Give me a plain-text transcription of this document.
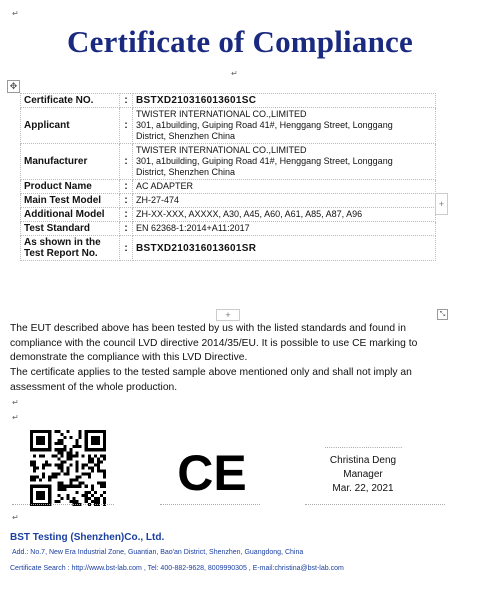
↵
Certificate of Compliance
↵
✥
Certificate NO.	:	BSTXD210316013601SC

Applicant	:	TWISTER INTERNATIONAL CO.,LIMITED
301, a1building, Guiping Road 41#, Henggang Street, Longgang
District, Shenzhen China

Manufacturer	:	TWISTER INTERNATIONAL CO.,LIMITED
301, a1building, Guiping Road 41#, Henggang Street, Longgang
District, Shenzhen China

Product Name	:	AC ADAPTER

Main Test Model	:	ZH-27-474

Additional Model	:	ZH-XX-XXX, AXXXX, A30, A45, A60, A61, A85, A87, A96

Test Standard	:	EN 62368-1:2014+A11:2017

As shown in the Test Report No.	:	BSTXD210316013601SR
+
+	⤡
The EUT described above has been tested by us with the listed standards and found in compliance with the council LVD directive 2014/35/EU. It is possible to use CE marking to demonstrate the compliance with this LVD Directive.
The certificate applies to the tested sample above mentioned only and shall not imply an assessment of the whole production.
↵
↵
CE	………………………………
Christina Deng
Manager
Mar. 22, 2021
↵
BST Testing (Shenzhen)Co., Ltd.
Add.: No.7, New Era Industrial Zone, Guantian, Bao'an District, Shenzhen, Guangdong, China
Certificate Search : http://www.bst-lab.com , Tel: 400-882-9628, 8009990305 , E-mail:christina@bst-lab.com
